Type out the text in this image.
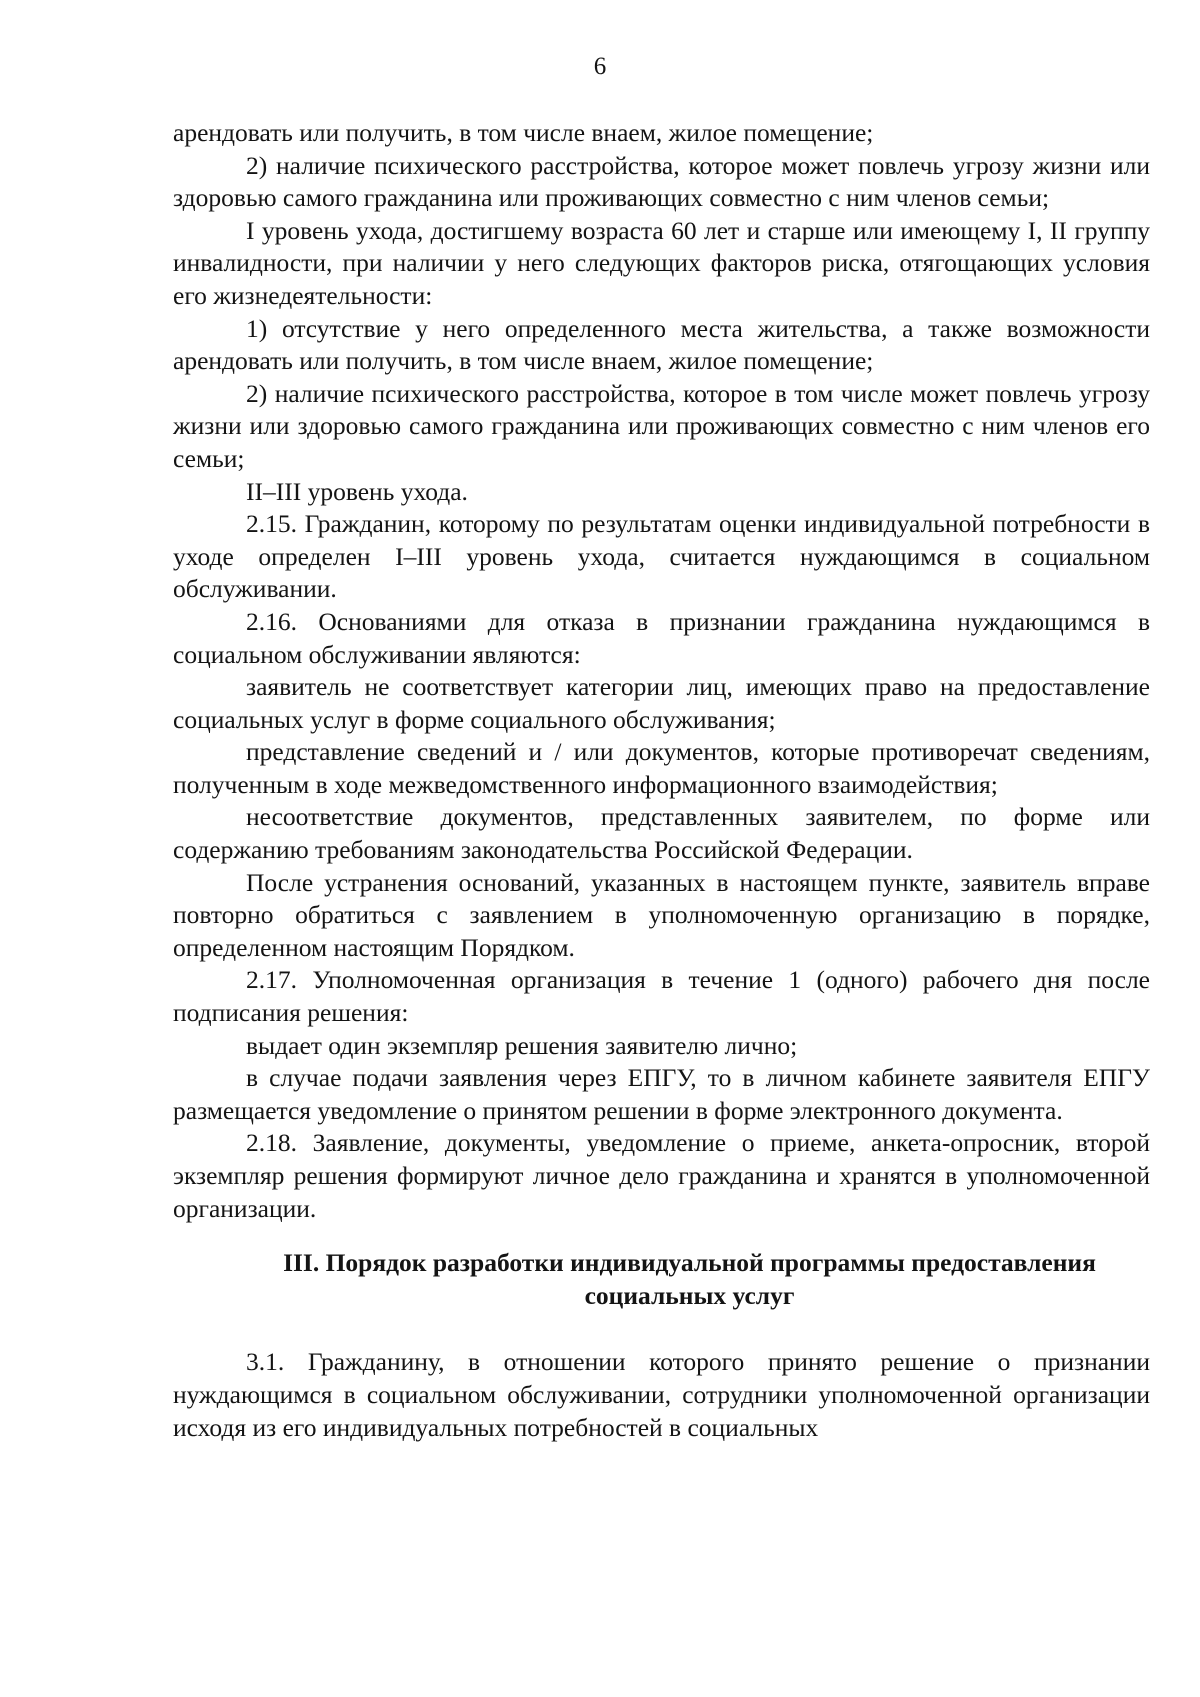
6

арендовать или получить, в том числе внаем, жилое помещение;

2) наличие психического расстройства, которое может повлечь угрозу жизни или здоровью самого гражданина или проживающих совместно с ним членов семьи;

I уровень ухода, достигшему возраста 60 лет и старше или имеющему I, II группу инвалидности, при наличии у него следующих факторов риска, отягощающих условия его жизнедеятельности:

1) отсутствие у него определенного места жительства, а также возможности арендовать или получить, в том числе внаем, жилое помещение;

2) наличие психического расстройства, которое в том числе может повлечь угрозу жизни или здоровью самого гражданина или проживающих совместно с ним членов его семьи;

II–III уровень ухода.

2.15. Гражданин, которому по результатам оценки индивидуальной потребности в уходе определен I–III уровень ухода, считается нуждающимся в социальном обслуживании.

2.16. Основаниями для отказа в признании гражданина нуждающимся в социальном обслуживании являются:

заявитель не соответствует категории лиц, имеющих право на предоставление социальных услуг в форме социального обслуживания;

представление сведений и / или документов, которые противоречат сведениям, полученным в ходе межведомственного информационного взаимодействия;

несоответствие документов, представленных заявителем, по форме или содержанию требованиям законодательства Российской Федерации.

После устранения оснований, указанных в настоящем пункте, заявитель вправе повторно обратиться с заявлением в уполномоченную организацию в порядке, определенном настоящим Порядком.

2.17. Уполномоченная организация в течение 1 (одного) рабочего дня после подписания решения:

выдает один экземпляр решения заявителю лично;

в случае подачи заявления через ЕПГУ, то в личном кабинете заявителя ЕПГУ размещается уведомление о принятом решении в форме электронного документа.

2.18. Заявление, документы, уведомление о приеме, анкета-опросник, второй экземпляр решения формируют личное дело гражданина и хранятся в уполномоченной организации.

III. Порядок разработки индивидуальной программы предоставления
социальных услуг

3.1. Гражданину, в отношении которого принято решение о признании нуждающимся в социальном обслуживании, сотрудники уполномоченной организации исходя из его индивидуальных потребностей в социальных
